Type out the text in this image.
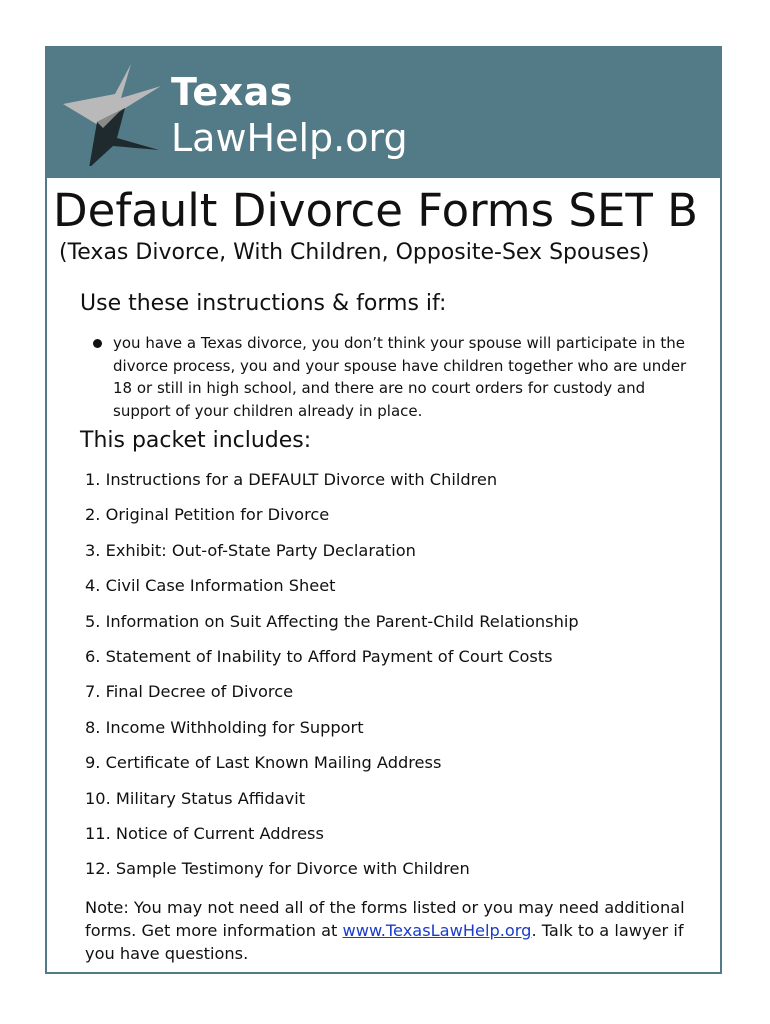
Texas
LawHelp.org
Default Divorce Forms SET B
(Texas Divorce, With Children, Opposite-Sex Spouses)
Use these instructions & forms if:
you have a Texas divorce, you don’t think your spouse will participate in the divorce process, you and your spouse have children together who are under 18 or still in high school, and there are no court orders for custody and support of your children already in place.
This packet includes:
1. Instructions for a DEFAULT Divorce with Children
2. Original Petition for Divorce
3. Exhibit: Out-of-State Party Declaration
4. Civil Case Information Sheet
5. Information on Suit Affecting the Parent-Child Relationship
6. Statement of Inability to Afford Payment of Court Costs
7. Final Decree of Divorce
8. Income Withholding for Support
9. Certificate of Last Known Mailing Address
10. Military Status Affidavit
11. Notice of Current Address
12. Sample Testimony for Divorce with Children
Note: You may not need all of the forms listed or you may need additional forms. Get more information at www.TexasLawHelp.org. Talk to a lawyer if you have questions.
